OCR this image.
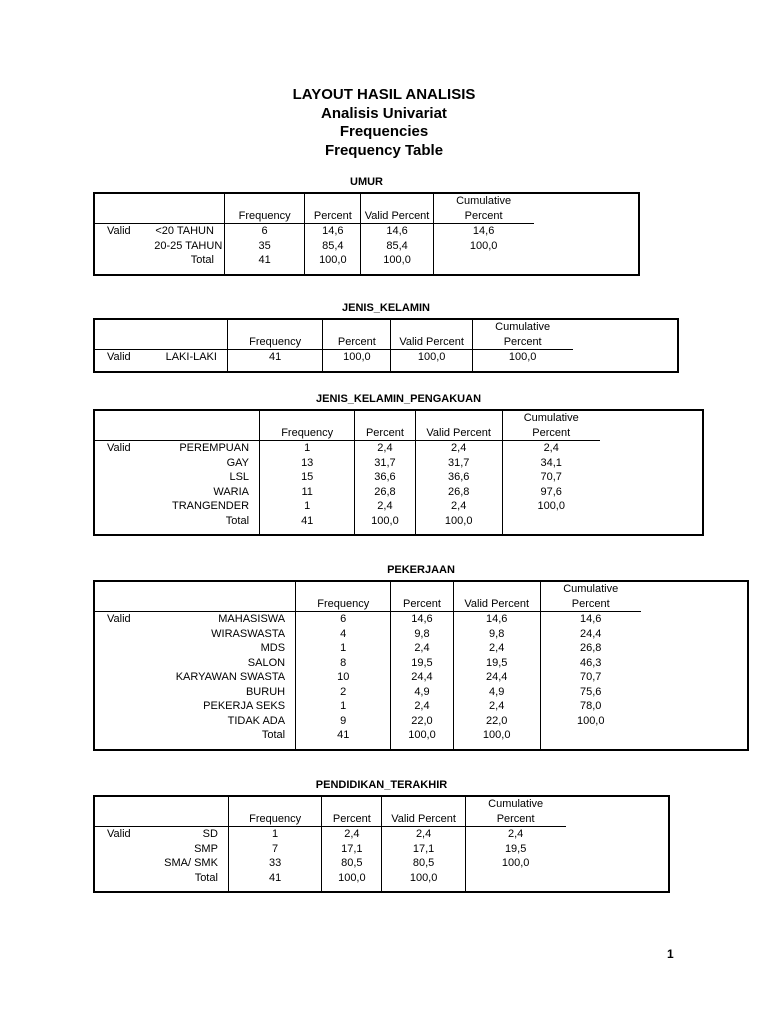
LAYOUT HASIL ANALISIS
Analisis Univariat
Frequencies
Frequency Table
UMUR
		Frequency	Percent	Valid Percent	Cumulative
Percent

Valid	<20 TAHUN	6	14,6	14,6	14,6
	20-25 TAHUN	35	85,4	85,4	100,0
	Total	41	100,0	100,0	
JENIS_KELAMIN
		Frequency	Percent	Valid Percent	Cumulative
Percent

Valid	LAKI-LAKI	41	100,0	100,0	100,0
JENIS_KELAMIN_PENGAKUAN
		Frequency	Percent	Valid Percent	Cumulative
Percent

Valid	PEREMPUAN	1	2,4	2,4	2,4
	GAY	13	31,7	31,7	34,1
	LSL	15	36,6	36,6	70,7
	WARIA	11	26,8	26,8	97,6
	TRANGENDER	1	2,4	2,4	100,0
	Total	41	100,0	100,0	
PEKERJAAN
		Frequency	Percent	Valid Percent	Cumulative
Percent

Valid	MAHASISWA	6	14,6	14,6	14,6
	WIRASWASTA	4	9,8	9,8	24,4
	MDS	1	2,4	2,4	26,8
	SALON	8	19,5	19,5	46,3
	KARYAWAN SWASTA	10	24,4	24,4	70,7
	BURUH	2	4,9	4,9	75,6
	PEKERJA SEKS	1	2,4	2,4	78,0
	TIDAK ADA	9	22,0	22,0	100,0
	Total	41	100,0	100,0	
PENDIDIKAN_TERAKHIR
		Frequency	Percent	Valid Percent	Cumulative
Percent

Valid	SD	1	2,4	2,4	2,4
	SMP	7	17,1	17,1	19,5
	SMA/ SMK	33	80,5	80,5	100,0
	Total	41	100,0	100,0	
1
